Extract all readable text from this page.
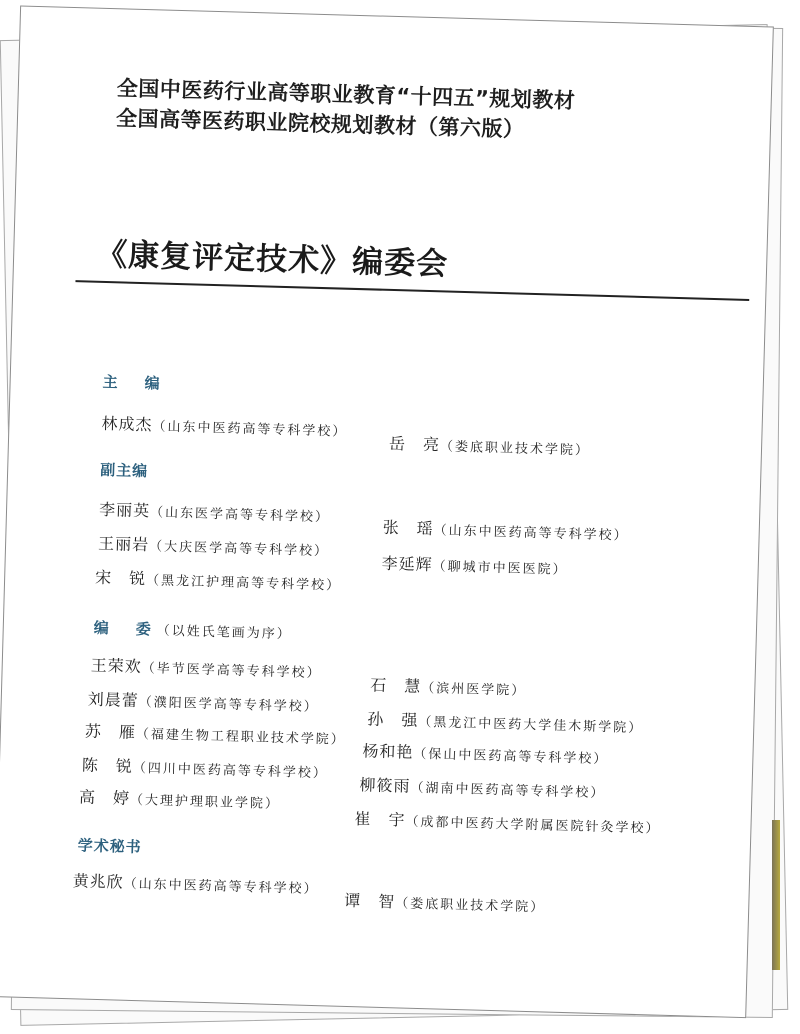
全国中医药行业高等职业教育“十四五”规划教材
全国高等医药职业院校规划教材（第六版）
《康复评定技术》编委会
主　编
林成杰（山东中医药高等专科学校）
岳　亮（娄底职业技术学院）
副主编
李丽英（山东医学高等专科学校）
张　瑶（山东中医药高等专科学校）
王丽岩（大庆医学高等专科学校）
李延辉（聊城市中医医院）
宋　锐（黑龙江护理高等专科学校）
编　委（以姓氏笔画为序）
王荣欢（毕节医学高等专科学校）
石　慧（滨州医学院）
刘晨蕾（濮阳医学高等专科学校）
孙　强（黑龙江中医药大学佳木斯学院）
苏　雁（福建生物工程职业技术学院）
杨和艳（保山中医药高等专科学校）
陈　锐（四川中医药高等专科学校）
柳筱雨（湖南中医药高等专科学校）
高　婷（大理护理职业学院）
崔　宇（成都中医药大学附属医院针灸学校）
学术秘书
黄兆欣（山东中医药高等专科学校）
谭　智（娄底职业技术学院）
